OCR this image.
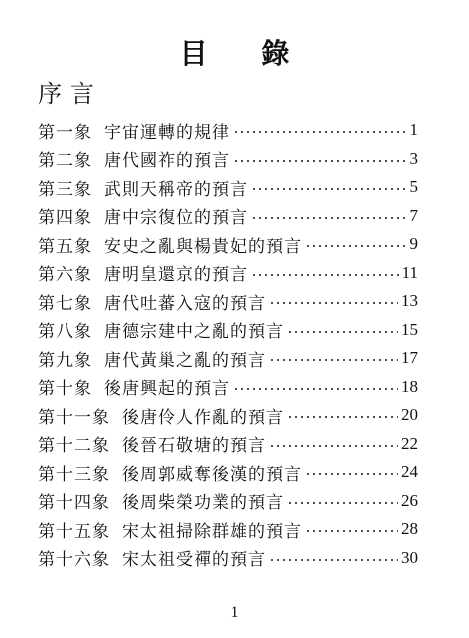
目 錄
序言
第一象 宇宙運轉的規律	1
第二象 唐代國祚的預言	3
第三象 武則天稱帝的預言	5
第四象 唐中宗復位的預言	7
第五象 安史之亂與楊貴妃的預言	9
第六象 唐明皇還京的預言	11
第七象 唐代吐蕃入寇的預言	13
第八象 唐德宗建中之亂的預言	15
第九象 唐代黃巢之亂的預言	17
第十象 後唐興起的預言	18
第十一象 後唐伶人作亂的預言	20
第十二象 後晉石敬塘的預言	22
第十三象 後周郭威奪後漢的預言	24
第十四象 後周柴榮功業的預言	26
第十五象 宋太祖掃除群雄的預言	28
第十六象 宋太祖受禪的預言	30
1
